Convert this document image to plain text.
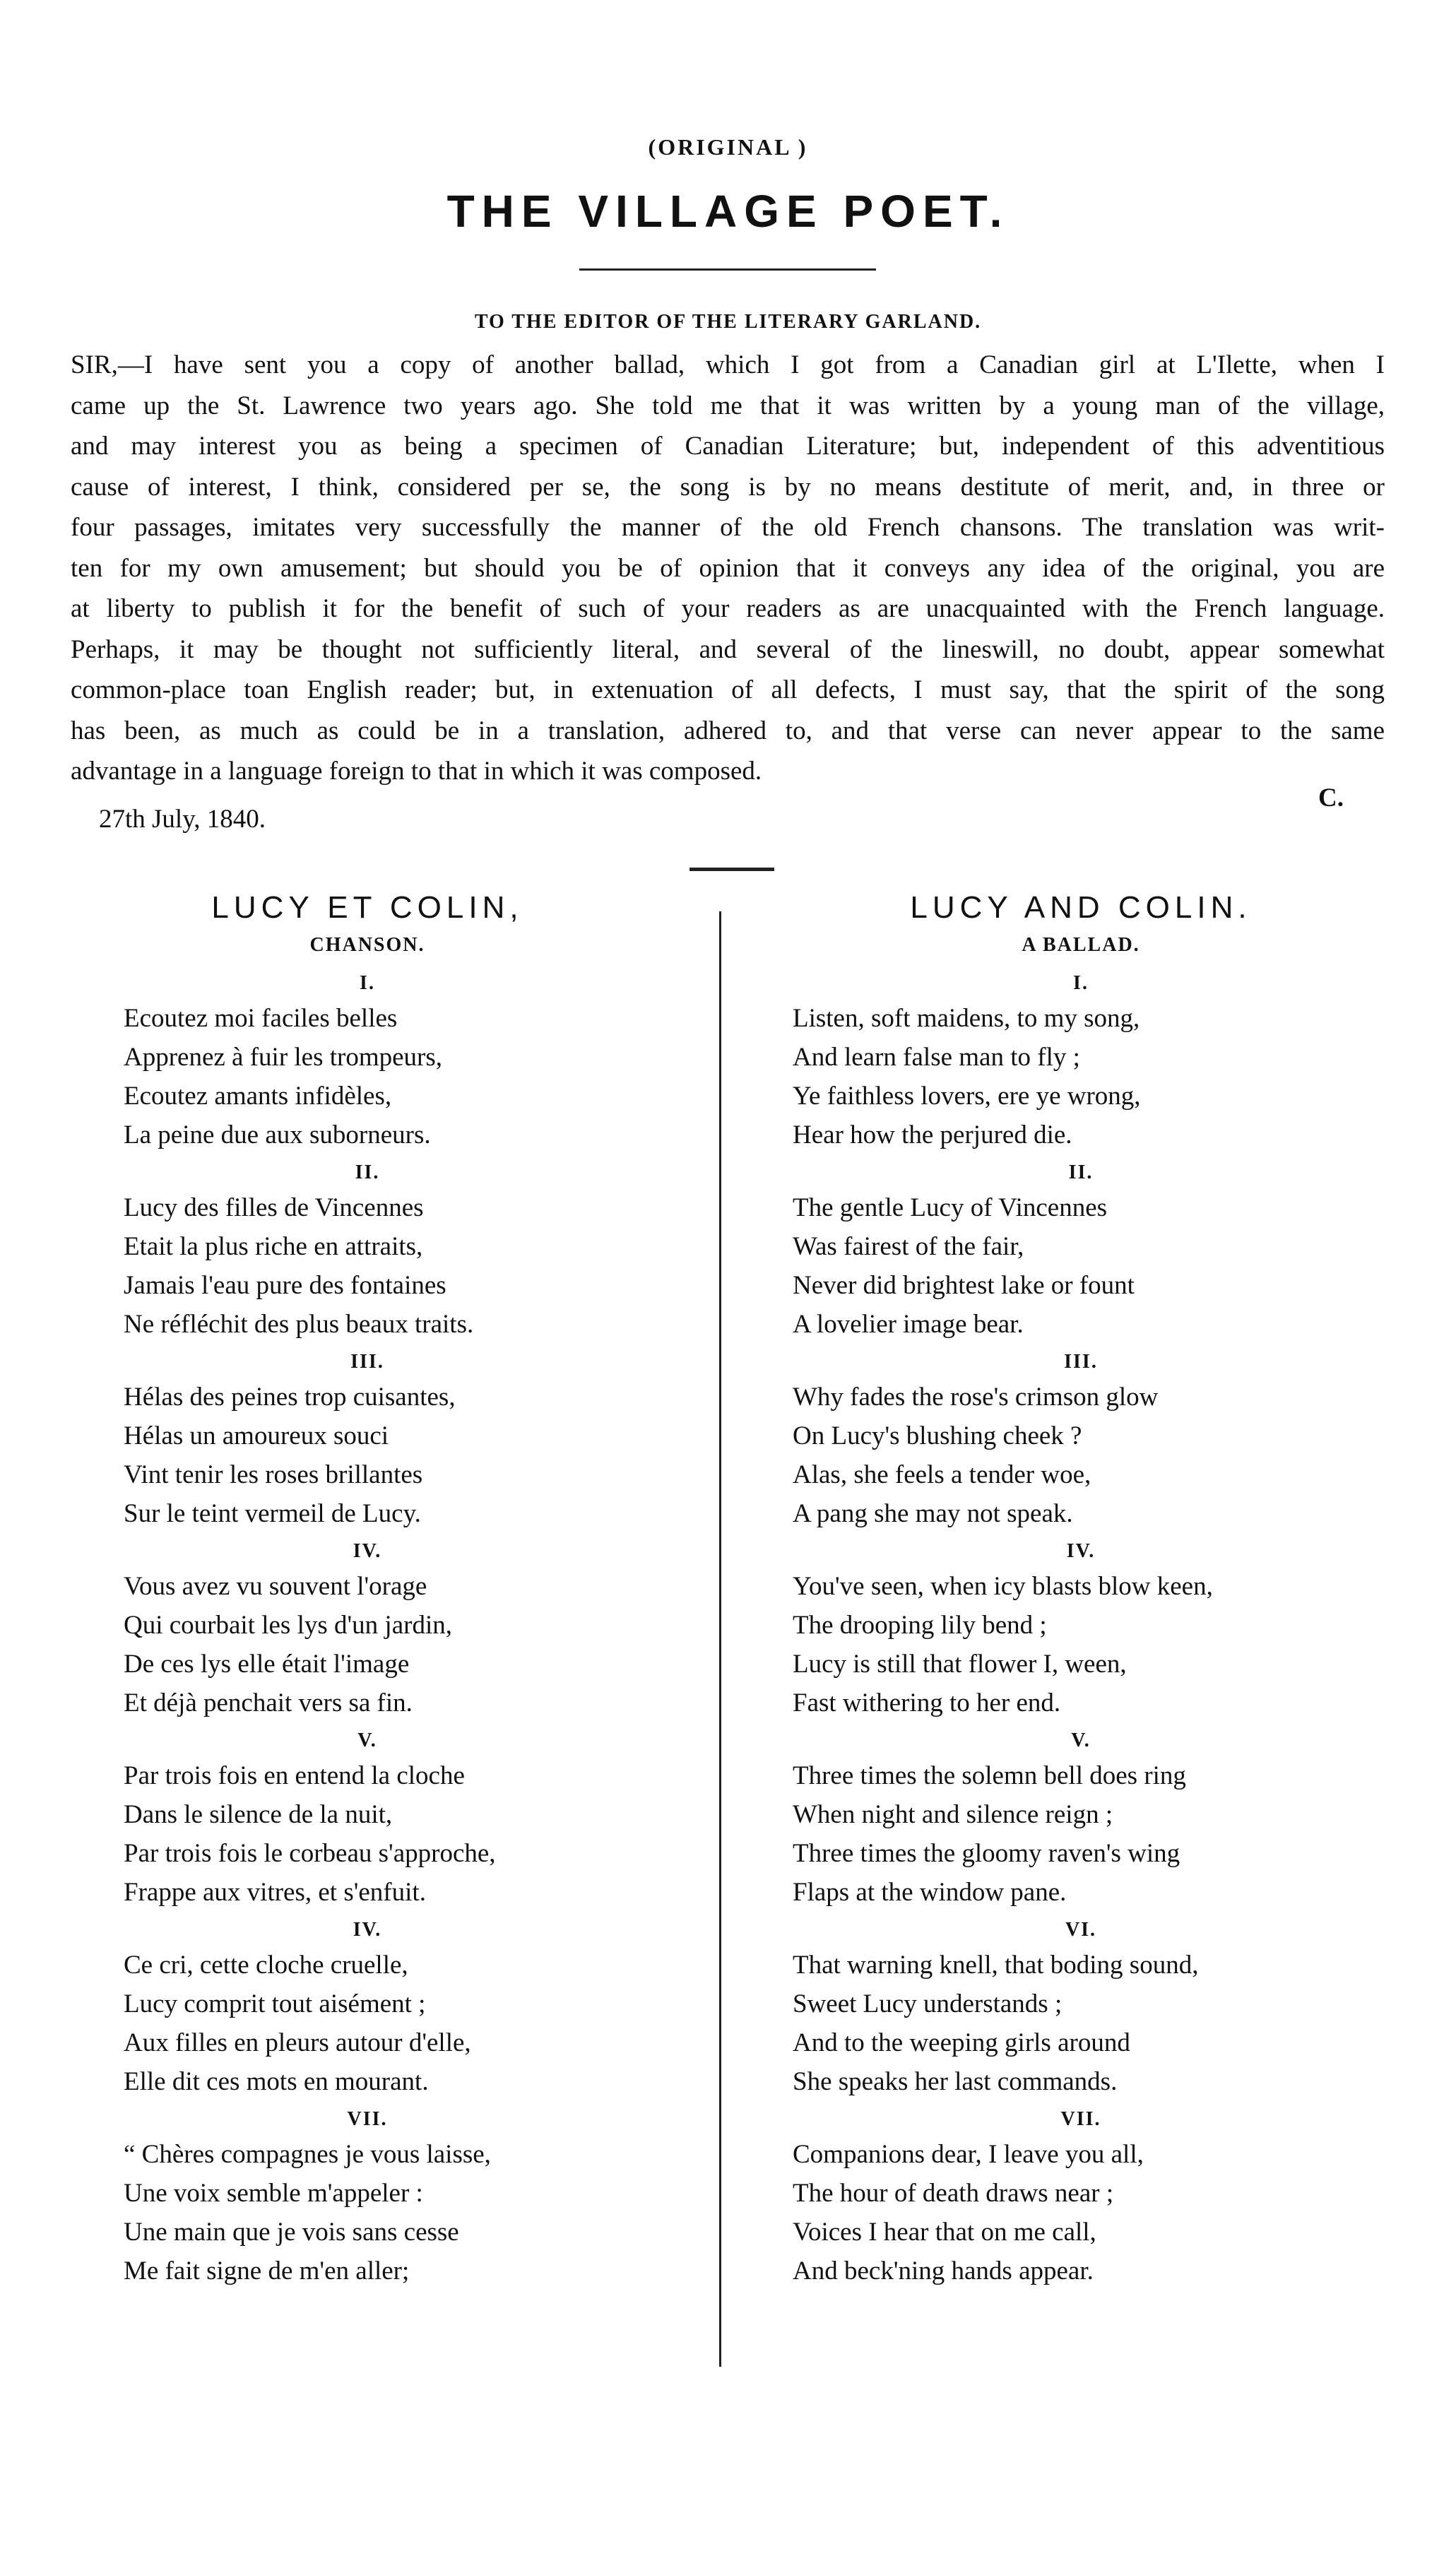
(ORIGINAL )
THE VILLAGE POET.
TO THE EDITOR OF THE LITERARY GARLAND.
SIR,—I have sent you a copy of another ballad, which I got from a Canadian girl at L'Ilette, when I
came up the St. Lawrence two years ago. She told me that it was written by a young man of the village,
and may interest you as being a specimen of Canadian Literature; but, independent of this adventitious
cause of interest, I think, considered per se, the song is by no means destitute of merit, and, in three or
four passages, imitates very successfully the manner of the old French chansons. The translation was writ-
ten for my own amusement; but should you be of opinion that it conveys any idea of the original, you are
at liberty to publish it for the benefit of such of your readers as are unacquainted with the French language.
Perhaps, it may be thought not sufficiently literal, and several of the lineswill, no doubt, appear somewhat
common-place toan English reader; but, in extenuation of all defects, I must say, that the spirit of the song
has been, as much as could be in a translation, adhered to, and that verse can never appear to the same
advantage in a language foreign to that in which it was composed.
27th July, 1840.
C.
LUCY ET COLIN,
CHANSON.
I.
Ecoutez moi faciles belles
Apprenez à fuir les trompeurs,
Ecoutez amants infidèles,
La peine due aux suborneurs.
II.
Lucy des filles de Vincennes
Etait la plus riche en attraits,
Jamais l'eau pure des fontaines
Ne réfléchit des plus beaux traits.
III.
Hélas des peines trop cuisantes,
Hélas un amoureux souci
Vint tenir les roses brillantes
Sur le teint vermeil de Lucy.
IV.
Vous avez vu souvent l'orage
Qui courbait les lys d'un jardin,
De ces lys elle était l'image
Et déjà penchait vers sa fin.
V.
Par trois fois en entend la cloche
Dans le silence de la nuit,
Par trois fois le corbeau s'approche,
Frappe aux vitres, et s'enfuit.
IV.
Ce cri, cette cloche cruelle,
Lucy comprit tout aisément ;
Aux filles en pleurs autour d'elle,
Elle dit ces mots en mourant.
VII.
“ Chères compagnes je vous laisse,
Une voix semble m'appeler :
Une main que je vois sans cesse
Me fait signe de m'en aller;
LUCY AND COLIN.
A BALLAD.
I.
Listen, soft maidens, to my song,
And learn false man to fly ;
Ye faithless lovers, ere ye wrong,
Hear how the perjured die.
II.
The gentle Lucy of Vincennes
Was fairest of the fair,
Never did brightest lake or fount
A lovelier image bear.
III.
Why fades the rose's crimson glow
On Lucy's blushing cheek ?
Alas, she feels a tender woe,
A pang she may not speak.
IV.
You've seen, when icy blasts blow keen,
The drooping lily bend ;
Lucy is still that flower I, ween,
Fast withering to her end.
V.
Three times the solemn bell does ring
When night and silence reign ;
Three times the gloomy raven's wing
Flaps at the window pane.
VI.
That warning knell, that boding sound,
Sweet Lucy understands ;
And to the weeping girls around
She speaks her last commands.
VII.
Companions dear, I leave you all,
The hour of death draws near ;
Voices I hear that on me call,
And beck'ning hands appear.
